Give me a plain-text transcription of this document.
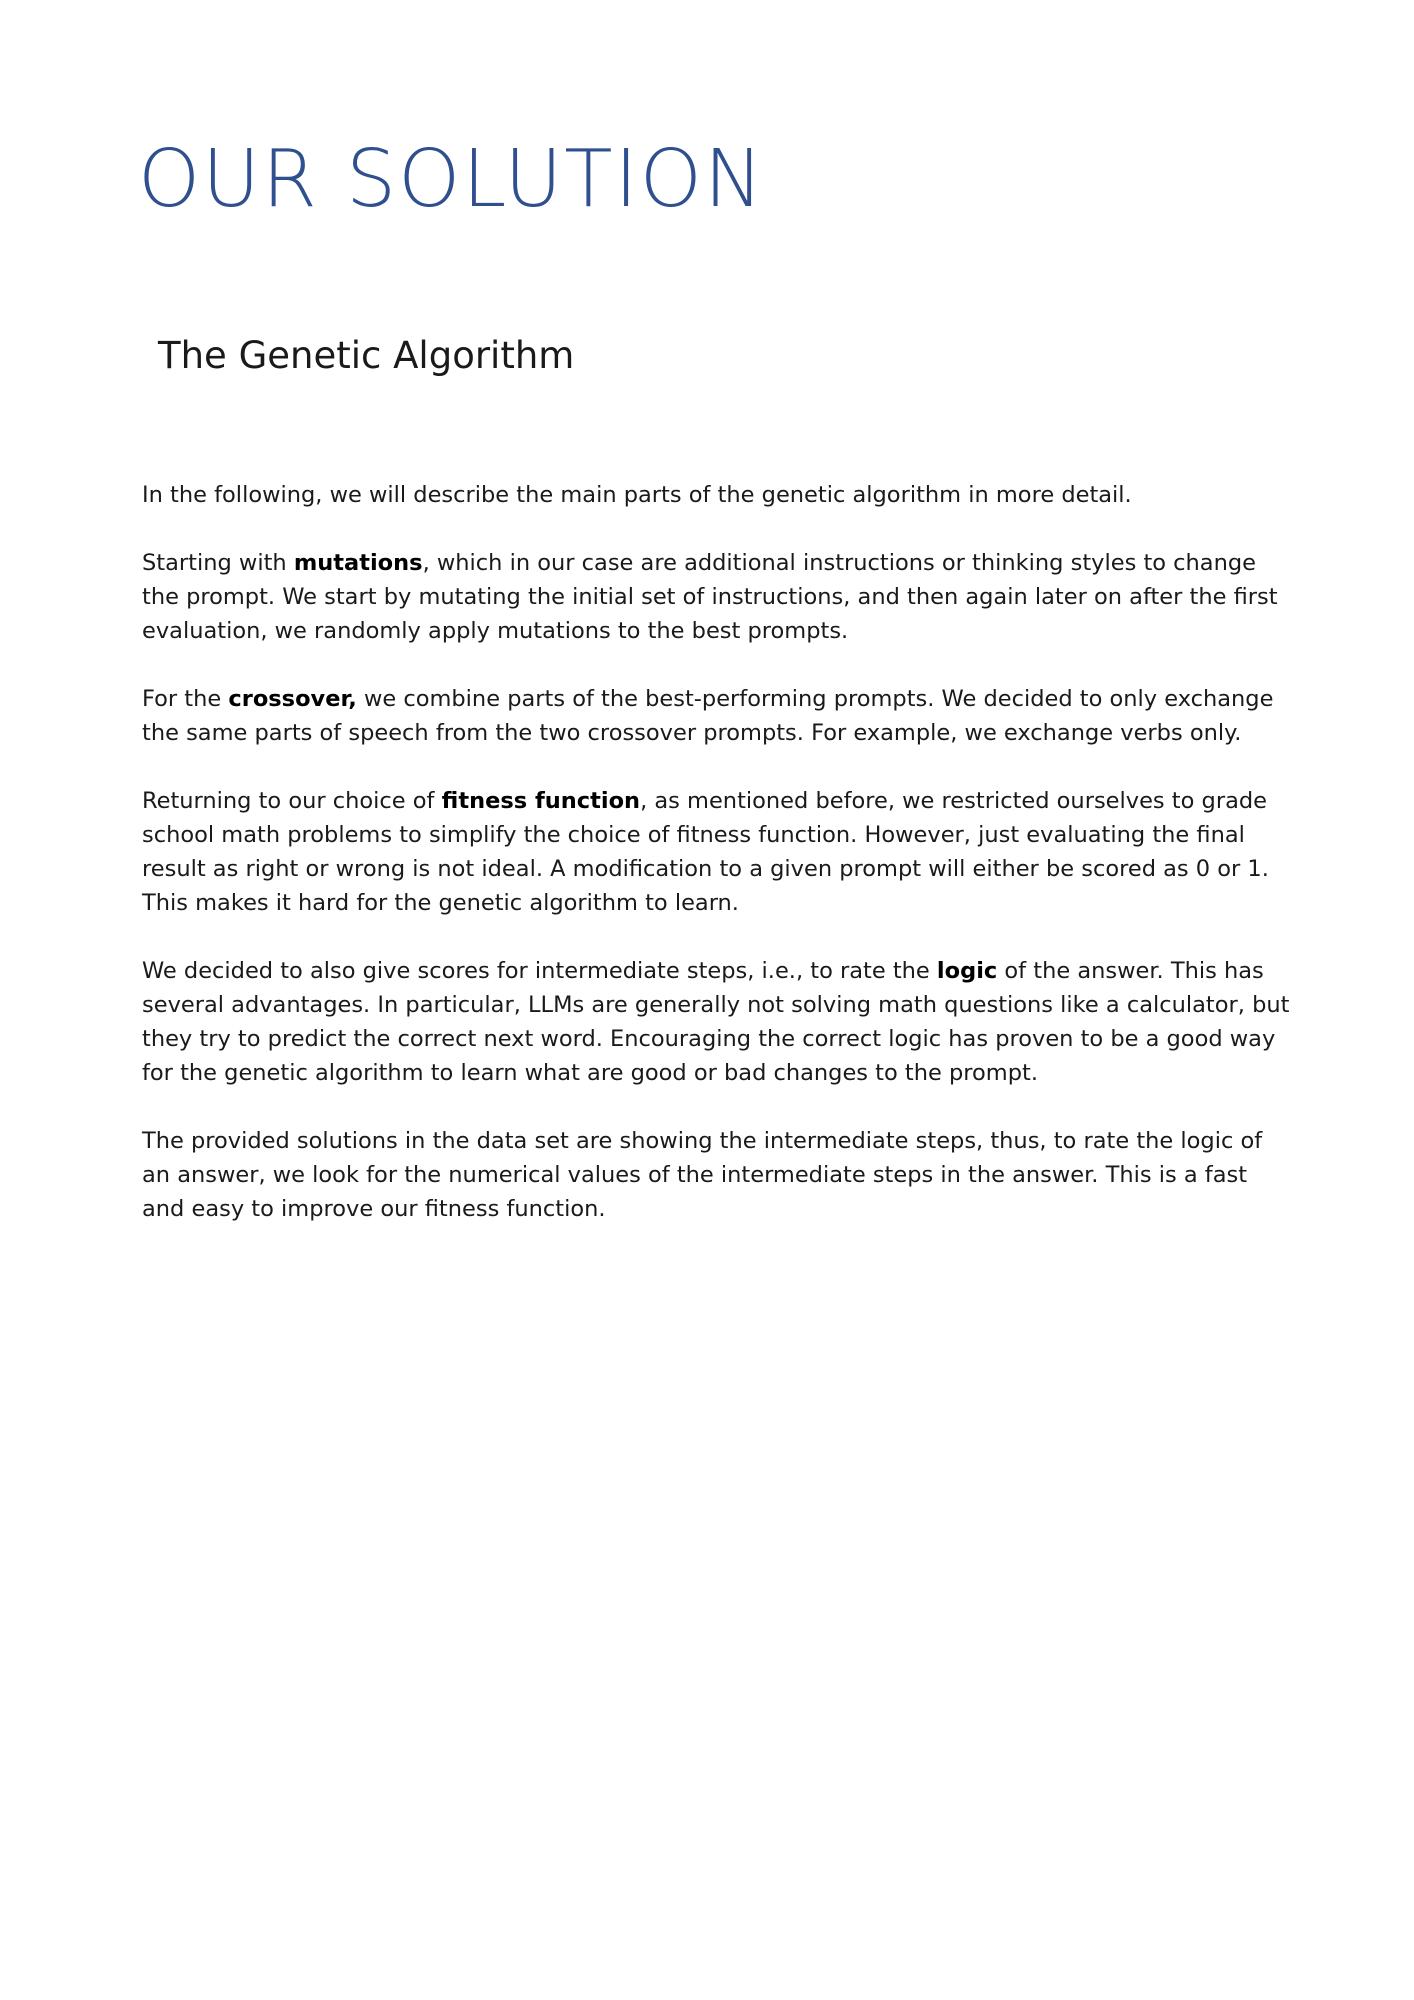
OUR SOLUTION
The Genetic Algorithm

In the following, we will describe the main parts of the genetic algorithm in more detail.

Starting with mutations, which in our case are additional instructions or thinking styles to change the prompt. We start by mutating the initial set of instructions, and then again later on after the first evaluation, we randomly apply mutations to the best prompts.

For the crossover, we combine parts of the best-performing prompts. We decided to only exchange the same parts of speech from the two crossover prompts. For example, we exchange verbs only.

Returning to our choice of fitness function, as mentioned before, we restricted ourselves to grade school math problems to simplify the choice of fitness function. However, just evaluating the final result as right or wrong is not ideal. A modification to a given prompt will either be scored as 0 or 1. This makes it hard for the genetic algorithm to learn.

We decided to also give scores for intermediate steps, i.e., to rate the logic of the answer. This has several advantages. In particular, LLMs are generally not solving math questions like a calculator, but they try to predict the correct next word. Encouraging the correct logic has proven to be a good way for the genetic algorithm to learn what are good or bad changes to the prompt.

The provided solutions in the data set are showing the intermediate steps, thus, to rate the logic of an answer, we look for the numerical values of the intermediate steps in the answer. This is a fast and easy to improve our fitness function.
